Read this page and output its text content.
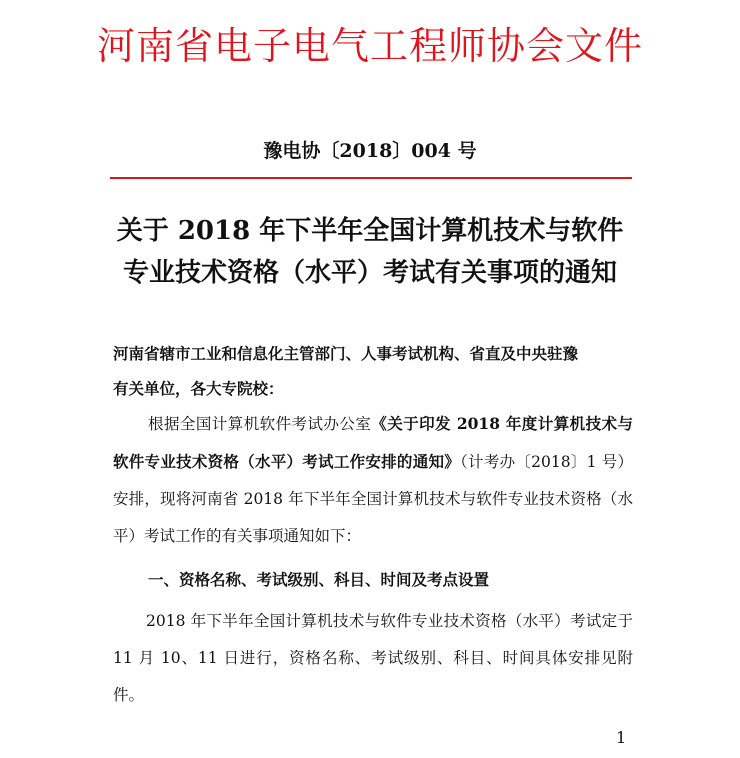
河南省电子电气工程师协会文件
豫电协〔2018〕004 号
关于 2018 年下半年全国计算机技术与软件
专业技术资格（水平）考试有关事项的通知
河南省辖市工业和信息化主管部门、人事考试机构、省直及中央驻豫
有关单位，各大专院校：
根据全国计算机软件考试办公室《关于印发 2018 年度计算机技术与软件专业技术资格（水平）考试工作安排的通知》（计考办〔2018〕1 号）安排，现将河南省 2018 年下半年全国计算机技术与软件专业技术资格（水平）考试工作的有关事项通知如下：
一、资格名称、考试级别、科目、时间及考点设置
2018 年下半年全国计算机技术与软件专业技术资格（水平）考试定于 11 月 10、11 日进行，资格名称、考试级别、科目、时间具体安排见附件。
1
